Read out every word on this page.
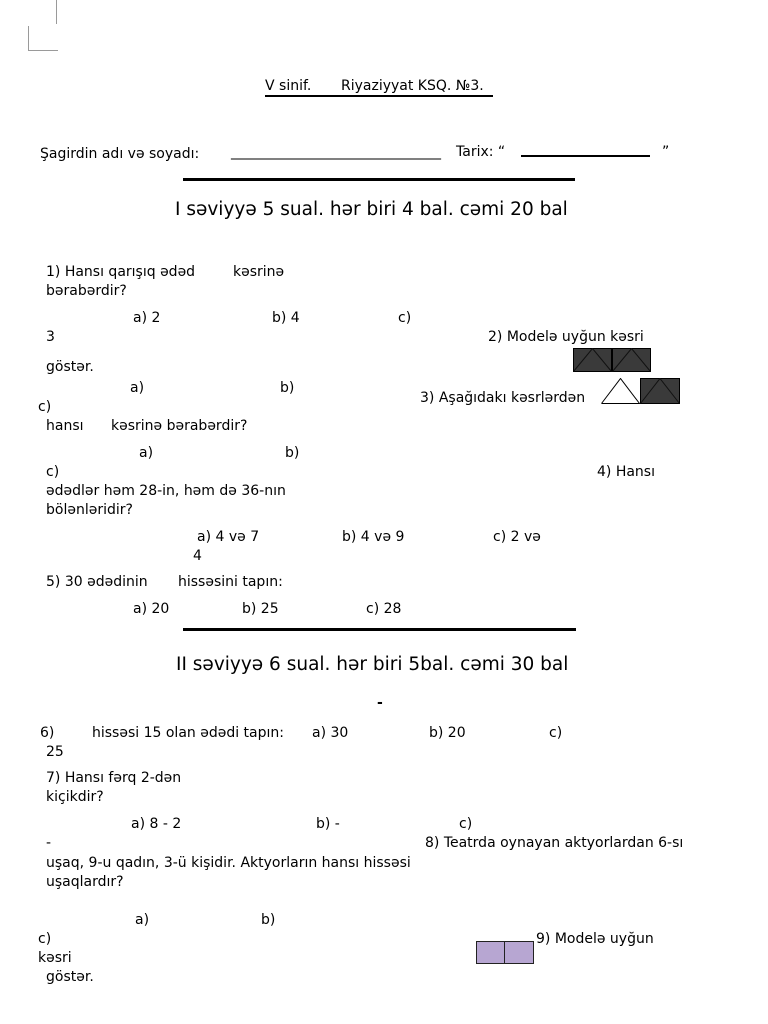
V sinif. Riyaziyyat KSQ. №3.
Şagirdin adı və soyadı: ______________________________ Tarix: “	”
I səviyyə 5 sual. hər biri 4 bal. cəmi 20 bal
1) Hansı qarışıq ədəd	kəsrinə
bərabərdir?
a) 2	b) 4	c)
3	2) Modelə uyğun kəsri
göstər.
a)	b)
c)
3) Aşağıdakı kəsrlərdən
hansı kəsrinə bərabərdir?
a)	b)
c)	4) Hansı
ədədlər həm 28-in, həm də 36-nın
bölənləridir?
a) 4 və 7	b) 4 və 9	c) 2 və
4
5) 30 ədədinin hissəsini tapın:
a) 20	b) 25	c) 28
II səviyyə 6 sual. hər biri 5bal. cəmi 30 bal
-
6)	hissəsi 15 olan ədədi tapın: a) 30	b) 20	c)
25
7) Hansı fərq 2-dən
kiçikdir?
a) 8 - 2	b) -	c)
-	8) Teatrda oynayan aktyorlardan 6-sı
uşaq, 9-u qadın, 3-ü kişidir. Aktyorların hansı hissəsi
uşaqlardır?
a)	b)
c)	9) Modelə uyğun
kəsri
göstər.
